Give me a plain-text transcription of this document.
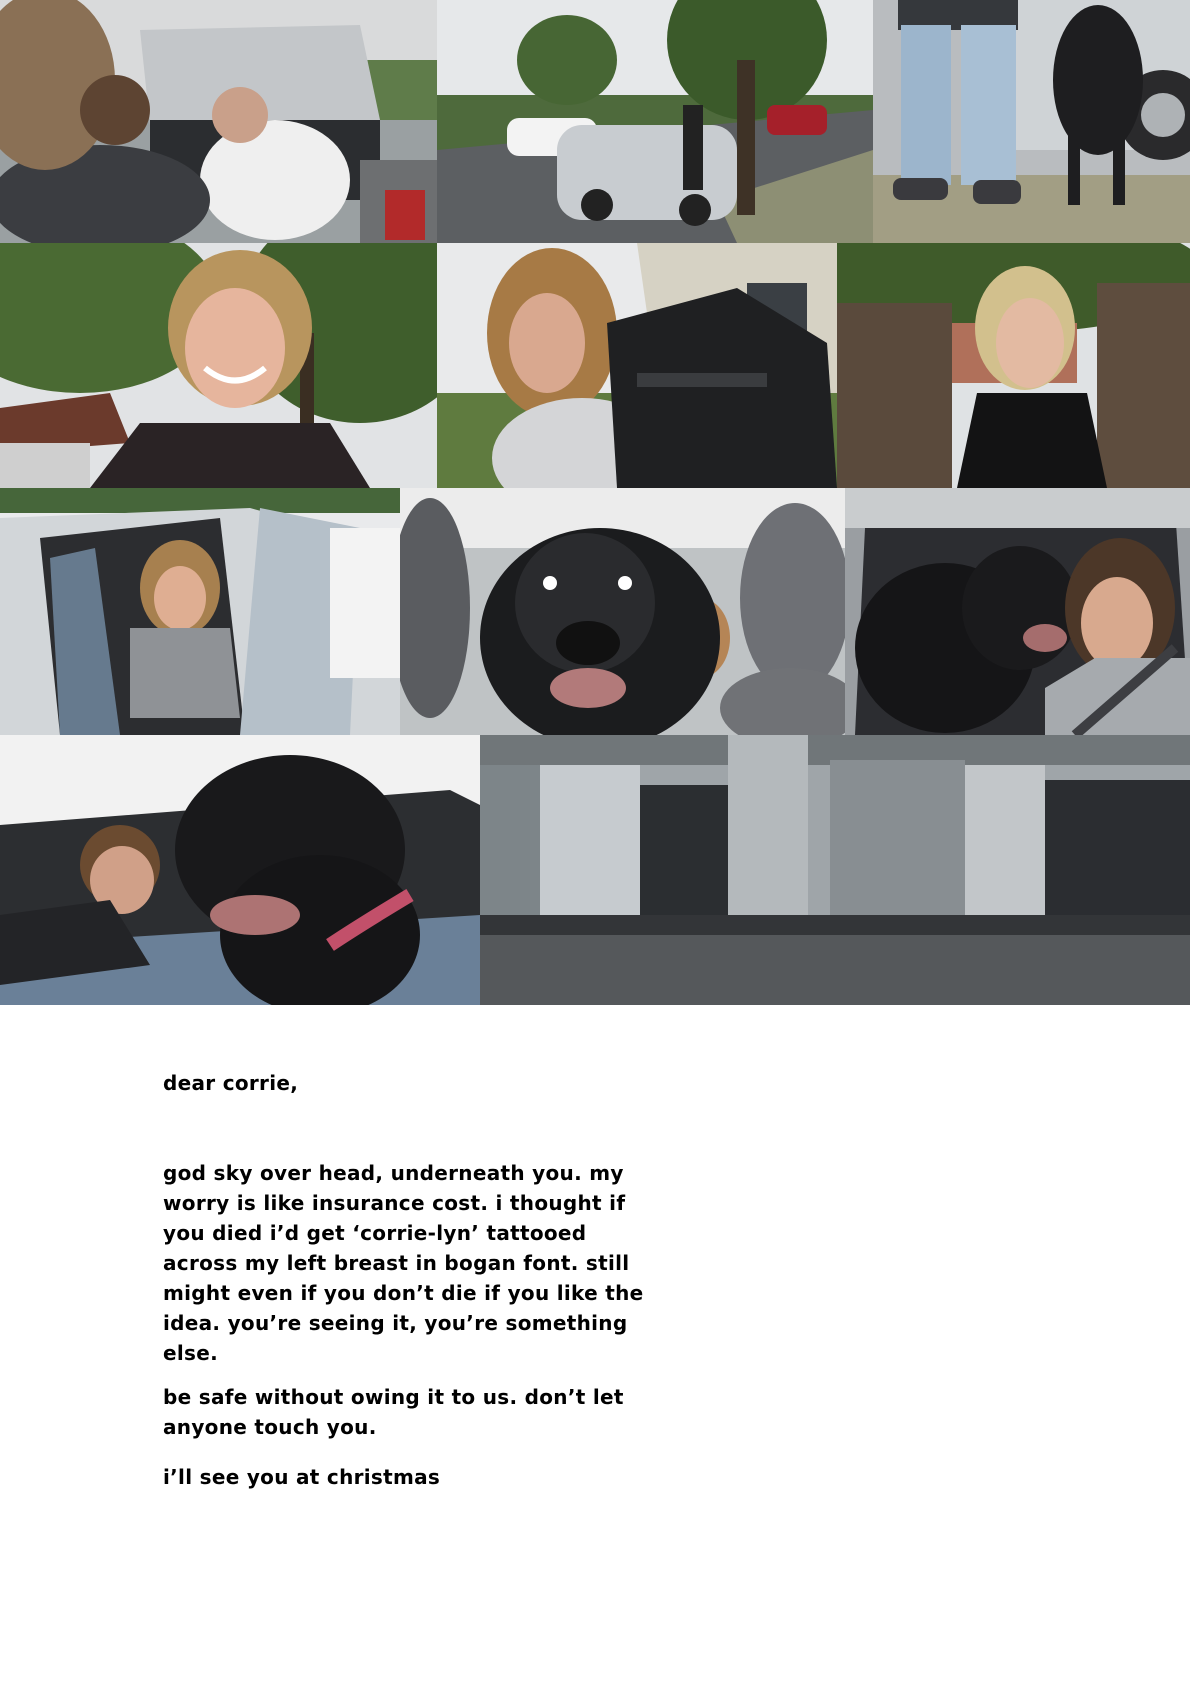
dear corrie,

god sky over head, underneath you. my worry is like insurance cost. i thought if you died i’d get ‘corrie-lyn’ tattooed across my left breast in bogan font. still might even if you don’t die if you like the idea. you’re seeing it, you’re something else.

be safe without owing it to us. don’t let anyone touch you.

i’ll see you at christmas
